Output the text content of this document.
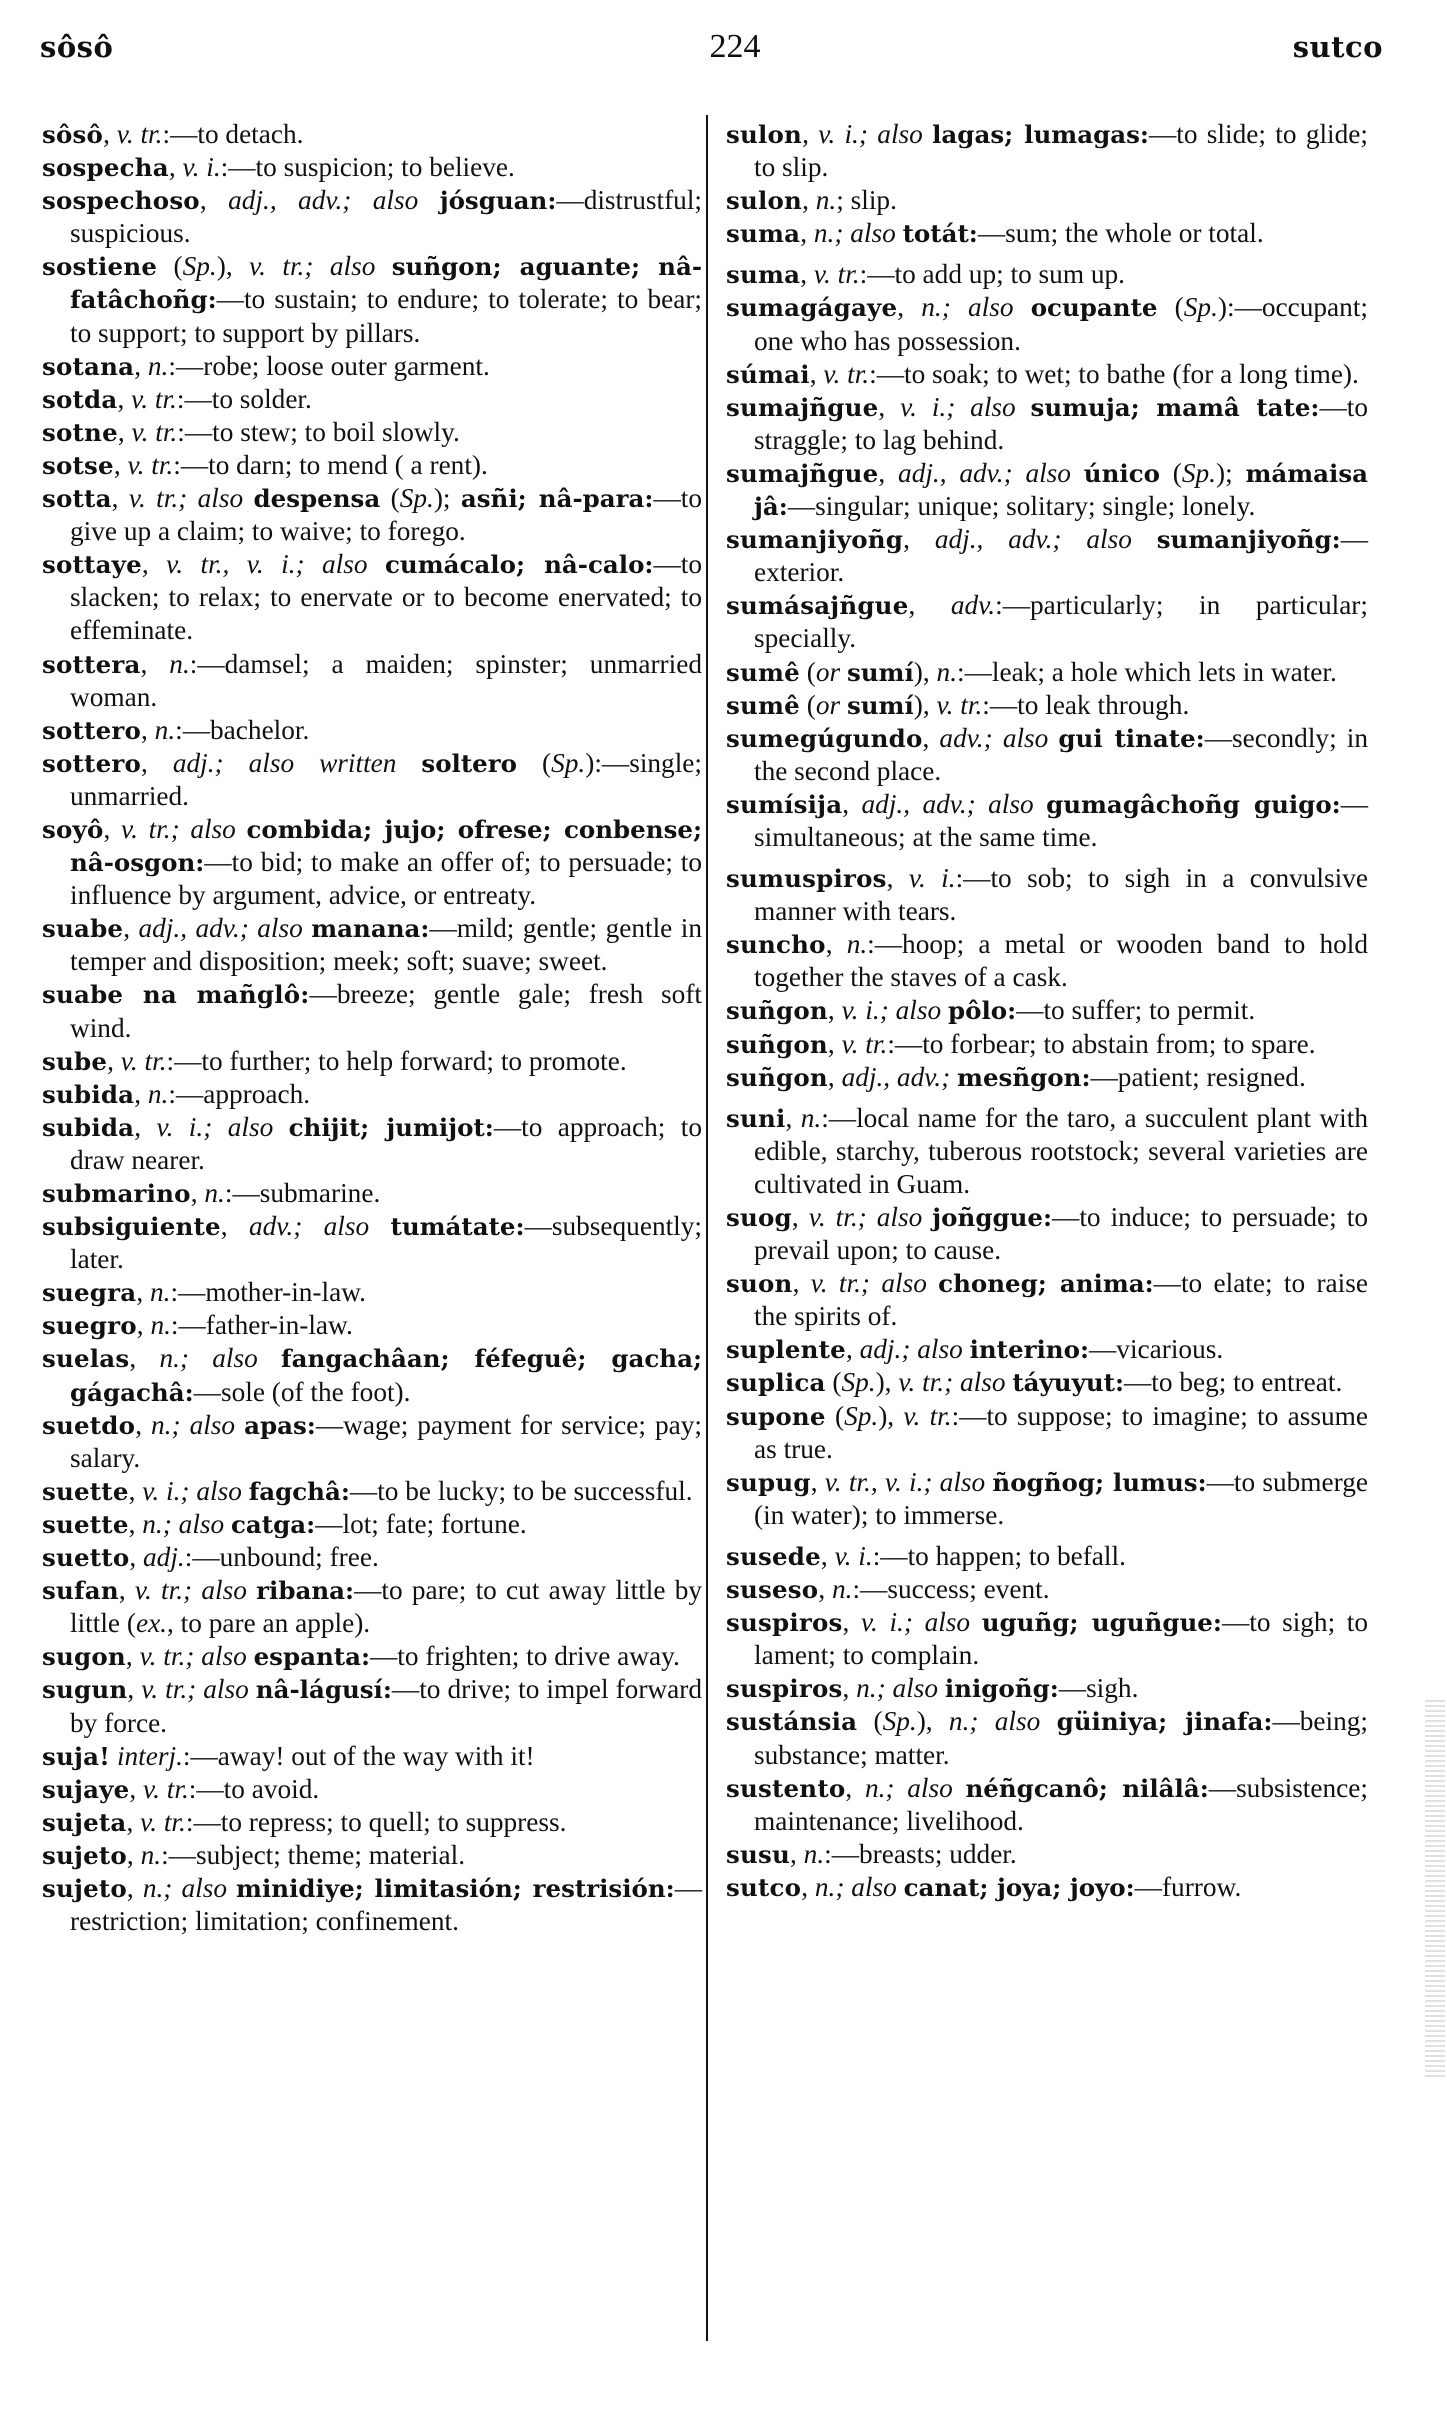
sôsô	224	sutco

sôsô, v. tr.:—to detach.

sospecha, v. i.:—to suspicion; to believe.

sospechoso, adj., adv.; also jósguan:—distrustful; suspicious.

sostiene (Sp.), v. tr.; also suñgon; aguante; nâ-fatâchoñg:—to sustain; to endure; to tolerate; to bear; to support; to support by pillars.

sotana, n.:—robe; loose outer garment.

sotda, v. tr.:—to solder.

sotne, v. tr.:—to stew; to boil slowly.

sotse, v. tr.:—to darn; to mend ( a rent).

sotta, v. tr.; also despensa (Sp.); asñi; nâ-para:—to give up a claim; to waive; to forego.

sottaye, v. tr., v. i.; also cumácalo; nâ-calo:—to slacken; to relax; to enervate or to become enervated; to effeminate.

sottera, n.:—damsel; a maiden; spinster; unmarried woman.

sottero, n.:—bachelor.

sottero, adj.; also written soltero (Sp.):—single; unmarried.

soyô, v. tr.; also combida; jujo; ofrese; conbense; nâ-osgon:—to bid; to make an offer of; to persuade; to influence by argument, advice, or entreaty.

suabe, adj., adv.; also manana:—mild; gentle; gentle in temper and disposition; meek; soft; suave; sweet.

suabe na mañglô:—breeze; gentle gale; fresh soft wind.

sube, v. tr.:—to further; to help forward; to promote.

subida, n.:—approach.

subida, v. i.; also chijit; jumijot:—to approach; to draw nearer.

submarino, n.:—submarine.

subsiguiente, adv.; also tumátate:—subsequently; later.

suegra, n.:—mother-in-law.

suegro, n.:—father-in-law.

suelas, n.; also fangachâan; féfeguê; gacha; gágachâ:—sole (of the foot).

suetdo, n.; also apas:—wage; payment for service; pay; salary.

suette, v. i.; also fagchâ:—to be lucky; to be successful.

suette, n.; also catga:—lot; fate; fortune.

suetto, adj.:—unbound; free.

sufan, v. tr.; also ribana:—to pare; to cut away little by little (ex., to pare an apple).

sugon, v. tr.; also espanta:—to frighten; to drive away.

sugun, v. tr.; also nâ-lágusí:—to drive; to impel forward by force.

suja! interj.:—away! out of the way with it!

sujaye, v. tr.:—to avoid.

sujeta, v. tr.:—to repress; to quell; to suppress.

sujeto, n.:—subject; theme; material.

sujeto, n.; also minidiye; limitasión; restrisión:—restriction; limitation; confinement.

sulon, v. i.; also lagas; lumagas:—to slide; to glide; to slip.

sulon, n.; slip.

suma, n.; also totát:—sum; the whole or total.

suma, v. tr.:—to add up; to sum up.

sumagágaye, n.; also ocupante (Sp.):—occupant; one who has possession.

súmai, v. tr.:—to soak; to wet; to bathe (for a long time).

sumajñgue, v. i.; also sumuja; mamâ tate:—to straggle; to lag behind.

sumajñgue, adj., adv.; also único (Sp.); mámaisa jâ:—singular; unique; solitary; single; lonely.

sumanjiyoñg, adj., adv.; also sumanjiyoñg:—exterior.

sumásajñgue, adv.:—particularly; in particular; specially.

sumê (or sumí), n.:—leak; a hole which lets in water.

sumê (or sumí), v. tr.:—to leak through.

sumegúgundo, adv.; also gui tinate:—secondly; in the second place.

sumísija, adj., adv.; also gumagâchoñg guigo:—simultaneous; at the same time.

sumuspiros, v. i.:—to sob; to sigh in a convulsive manner with tears.

suncho, n.:—hoop; a metal or wooden band to hold together the staves of a cask.

suñgon, v. i.; also pôlo:—to suffer; to permit.

suñgon, v. tr.:—to forbear; to abstain from; to spare.

suñgon, adj., adv.; mesñgon:—patient; resigned.

suni, n.:—local name for the taro, a succulent plant with edible, starchy, tuberous rootstock; several varieties are cultivated in Guam.

suog, v. tr.; also joñggue:—to induce; to persuade; to prevail upon; to cause.

suon, v. tr.; also choneg; anima:—to elate; to raise the spirits of.

suplente, adj.; also interino:—vicarious.

suplica (Sp.), v. tr.; also táyuyut:—to beg; to entreat.

supone (Sp.), v. tr.:—to suppose; to imagine; to assume as true.

supug, v. tr., v. i.; also ñogñog; lumus:—to submerge (in water); to immerse.

susede, v. i.:—to happen; to befall.

suseso, n.:—success; event.

suspiros, v. i.; also uguñg; uguñgue:—to sigh; to lament; to complain.

suspiros, n.; also inigoñg:—sigh.

sustánsia (Sp.), n.; also güiniya; jinafa:—being; substance; matter.

sustento, n.; also néñgcanô; nilâlâ:—subsistence; maintenance; livelihood.

susu, n.:—breasts; udder.

sutco, n.; also canat; joya; joyo:—furrow.
